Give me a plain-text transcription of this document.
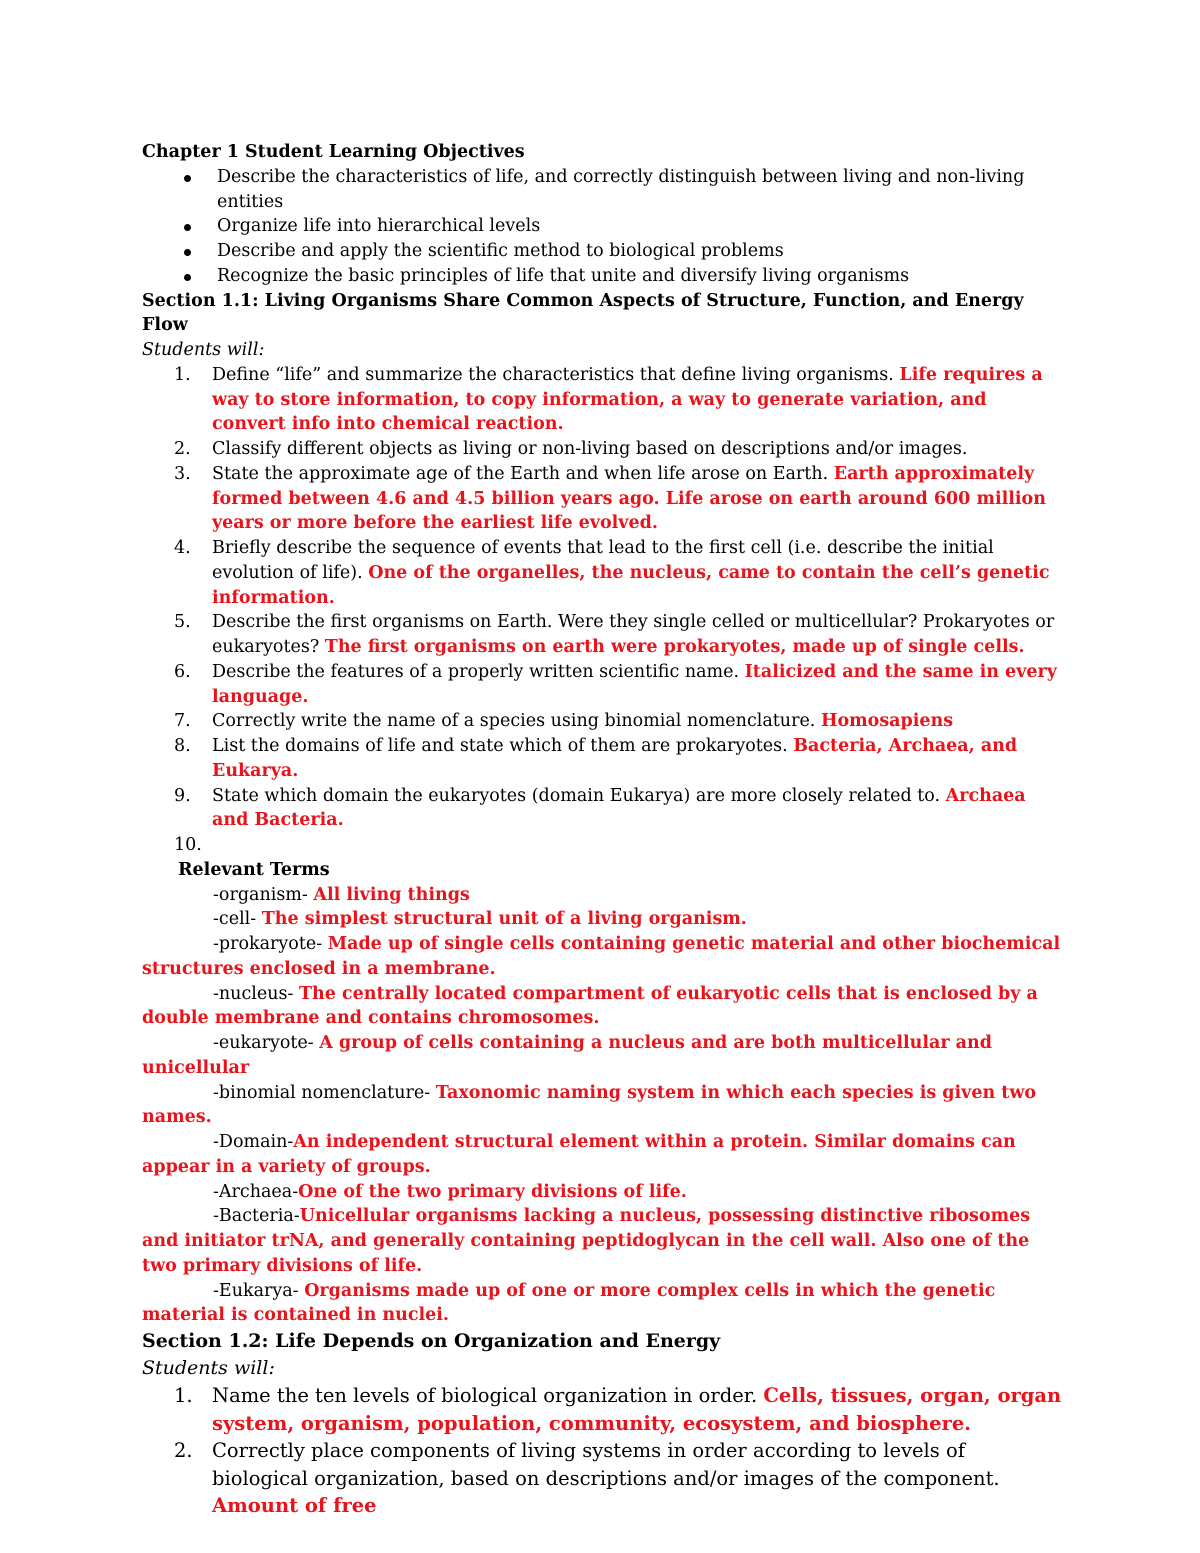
Chapter 1 Student Learning Objectives

Describe the characteristics of life, and correctly distinguish between living and non-living entities
Organize life into hierarchical levels
Describe and apply the scientific method to biological problems
Recognize the basic principles of life that unite and diversify living organisms

Section 1.1: Living Organisms Share Common Aspects of Structure, Function, and Energy Flow

Students will:

1. Define “life” and summarize the characteristics that define living organisms. Life requires a way to store information, to copy information, a way to generate variation, and convert info into chemical reaction.
2. Classify different objects as living or non-living based on descriptions and/or images.
3. State the approximate age of the Earth and when life arose on Earth. Earth approximately formed between 4.6 and 4.5 billion years ago. Life arose on earth around 600 million years or more before the earliest life evolved.
4. Briefly describe the sequence of events that lead to the first cell (i.e. describe the initial evolution of life). One of the organelles, the nucleus, came to contain the cell’s genetic information.
5. Describe the first organisms on Earth. Were they single celled or multicellular? Prokaryotes or eukaryotes? The first organisms on earth were prokaryotes, made up of single cells.
6. Describe the features of a properly written scientific name. Italicized and the same in every language.
7. Correctly write the name of a species using binomial nomenclature. Homosapiens
8. List the domains of life and state which of them are prokaryotes. Bacteria, Archaea, and Eukarya.
9. State which domain the eukaryotes (domain Eukarya) are more closely related to. Archaea and Bacteria.
10.

Relevant Terms

-organism- All living things

-cell- The simplest structural unit of a living organism.

-prokaryote- Made up of single cells containing genetic material and other biochemical structures enclosed in a membrane.

-nucleus- The centrally located compartment of eukaryotic cells that is enclosed by a double membrane and contains chromosomes.

-eukaryote- A group of cells containing a nucleus and are both multicellular and unicellular

-binomial nomenclature- Taxonomic naming system in which each species is given two names.

-Domain-An independent structural element within a protein. Similar domains can appear in a variety of groups.

-Archaea-One of the two primary divisions of life.

-Bacteria-Unicellular organisms lacking a nucleus, possessing distinctive ribosomes and initiator trNA, and generally containing peptidoglycan in the cell wall. Also one of the two primary divisions of life.

-Eukarya- Organisms made up of one or more complex cells in which the genetic material is contained in nuclei.

Section 1.2: Life Depends on Organization and Energy

Students will:

1. Name the ten levels of biological organization in order. Cells, tissues, organ, organ system, organism, population, community, ecosystem, and biosphere.
2. Correctly place components of living systems in order according to levels of biological organization, based on descriptions and/or images of the component. Amount of free
